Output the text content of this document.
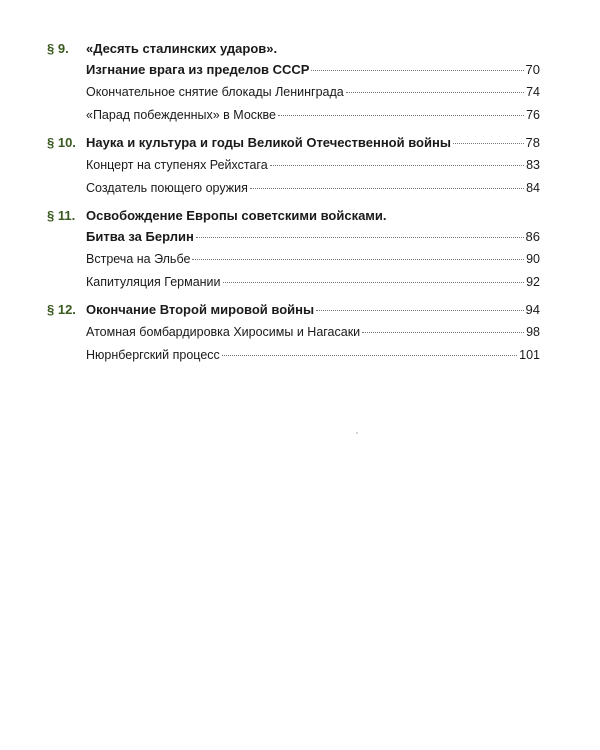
§ 9. «Десять сталинских ударов».
Изгнание врага из пределов СССР	70
Окончательное снятие блокады Ленинграда	74
«Парад побежденных» в Москве	76
§ 10. Наука и культура и годы Великой Отечественной войны	78
Концерт на ступенях Рейхстага	83
Создатель поющего оружия	84
§ 11. Освобождение Европы советскими войсками.
Битва за Берлин	86
Встреча на Эльбе	90
Капитуляция Германии	92
§ 12. Окончание Второй мировой войны	94
Атомная бомбардировка Хиросимы и Нагасаки	98
Нюрнбергский процесс	101
